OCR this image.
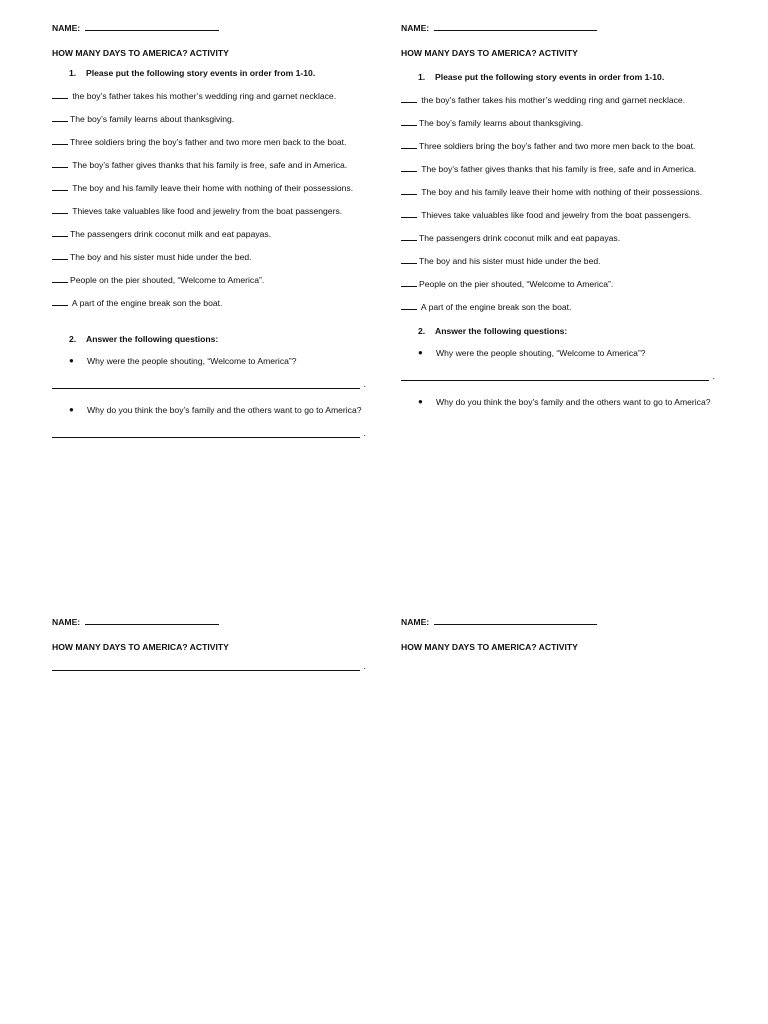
NAME:
HOW MANY DAYS TO AMERICA? ACTIVITY
1. Please put the following story events in order from 1-10.
the boy’s father takes his mother’s wedding ring and garnet necklace.
The boy’s family learns about thanksgiving.
Three soldiers bring the boy’s father and two more men back to the boat.
The boy’s father gives thanks that his family is free, safe and in America.
The boy and his family leave their home with nothing of their possessions.
Thieves take valuables like food and jewelry from the boat passengers.
The passengers drink coconut milk and eat papayas.
The boy and his sister must hide under the bed.
People on the pier shouted, “Welcome to America”.
A part of the engine break son the boat.
2. Answer the following questions:
● Why were the people shouting, “Welcome to America”?
.
● Why do you think the boy’s family and the others want to go to America?
.
NAME:
HOW MANY DAYS TO AMERICA? ACTIVITY
1. Please put the following story events in order from 1-10.
the boy’s father takes his mother’s wedding ring and garnet necklace.
The boy’s family learns about thanksgiving.
Three soldiers bring the boy’s father and two more men back to the boat.
The boy’s father gives thanks that his family is free, safe and in America.
The boy and his family leave their home with nothing of their possessions.
Thieves take valuables like food and jewelry from the boat passengers.
The passengers drink coconut milk and eat papayas.
The boy and his sister must hide under the bed.
People on the pier shouted, “Welcome to America”.
A part of the engine break son the boat.
2. Answer the following questions:
● Why were the people shouting, “Welcome to America”?
.
● Why do you think the boy’s family and the others want to go to America?
NAME:
HOW MANY DAYS TO AMERICA? ACTIVITY
.
NAME:
HOW MANY DAYS TO AMERICA? ACTIVITY
